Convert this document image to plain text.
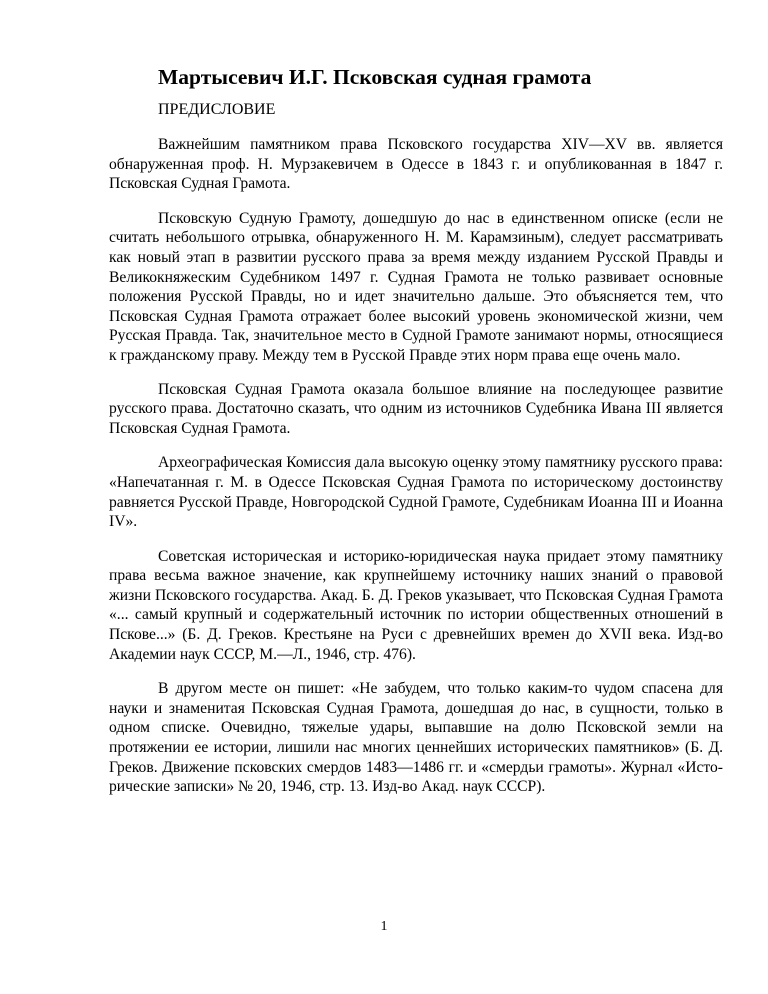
Мартысевич И.Г. Псковская судная грамота
ПРЕДИСЛОВИЕ

Важнейшим памятником права Псковского государства XIV—XV вв. является обнаруженная проф. Н. Мурзакевичем в Одессе в 1843 г. и опубликованная в 1847 г. Псковская Судная Грамота.

Псковскую Судную Грамоту, дошедшую до нас в единственном описке (если не считать небольшого отрывка, обнаруженного Н. М. Карамзиным), следует рассматривать как новый этап в развитии русского права за время между изданием Русской Правды и Великокняжеским Судебником 1497 г. Судная Грамота не только развивает основные положения Русской Правды, но и идет значительно дальше. Это объясняется тем, что Псковская Судная Грамота отражает более высокий уровень экономической жизни, чем Русская Правда. Так, значительное место в Судной Грамоте занимают нормы, относящиеся к гражданскому праву. Между тем в Русской Правде этих норм права еще очень мало.

Псковская Судная Грамота оказала большое влияние на последующее развитие русского права. Достаточно сказать, что одним из источников Судебника Ивана III является Псковская Судная Грамота.

Археографическая Комиссия дала высокую оценку этому памятнику русского права: «Напечатанная г. М. в Одессе Псковская Судная Грамота по историческому достоинству равняется Русской Правде, Новгородской Судной Грамоте, Судебникам Иоанна III и Иоанна IV».

Советская историческая и историко-юридическая наука придает этому памятнику права весьма важное значение, как крупнейшему источнику наших знаний о правовой жизни Псковского государства. Акад. Б. Д. Греков указывает, что Псковская Судная Грамота «... самый крупный и содержательный источник по истории общественных отношений в Пскове...» (Б. Д. Греков. Крестьяне на Руси с древнейших времен до XVII века. Изд-во Академии наук СССР, М.—Л., 1946, стр. 476).

В другом месте он пишет: «Не забудем, что только каким-то чудом спасена для науки и знаменитая Псковская Судная Грамота, дошедшая до нас, в сущности, только в одном списке. Очевидно, тяжелые удары, выпавшие на долю Псковской земли на протяжении ее истории, лишили нас многих ценнейших исторических памятников» (Б. Д. Греков. Движение псковских смердов 1483—1486 гг. и «смердьи грамоты». Журнал «Исторические записки» № 20, 1946, стр. 13. Изд-во Акад. наук СССР).

1
